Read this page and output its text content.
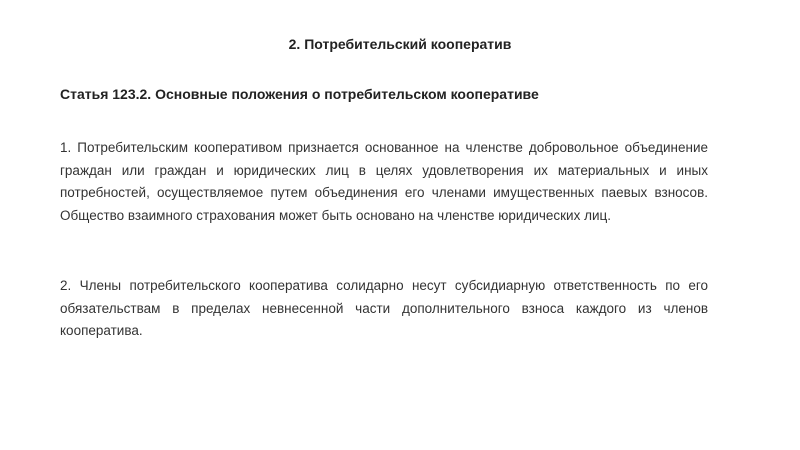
2. Потребительский кооператив
Статья 123.2. Основные положения о потребительском кооперативе

1. Потребительским кооперативом признается основанное на членстве добровольное объединение граждан или граждан и юридических лиц в целях удовлетворения их материальных и иных потребностей, осуществляемое путем объединения его членами имущественных паевых взносов. Общество взаимного страхования может быть основано на членстве юридических лиц.

2. Члены потребительского кооператива солидарно несут субсидиарную ответственность по его обязательствам в пределах невнесенной части дополнительного взноса каждого из членов кооператива.
